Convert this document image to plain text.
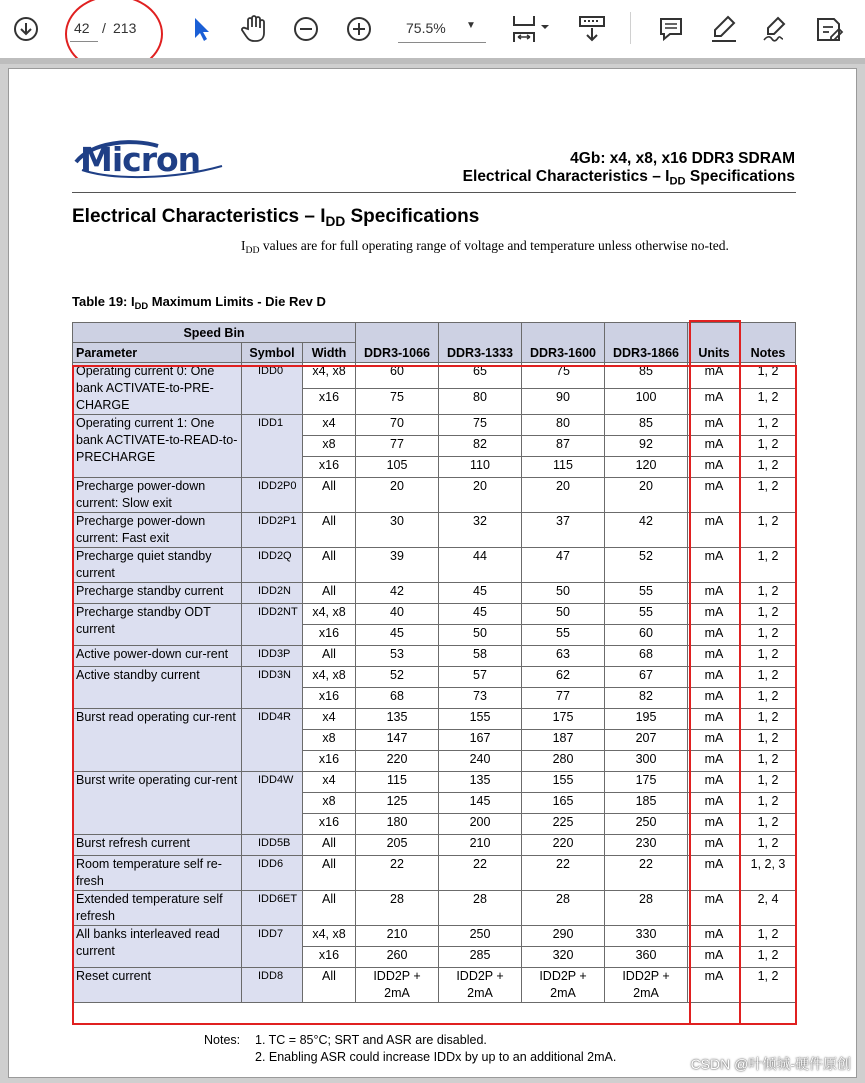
42 / 213	75.5% ▼
Micron	4Gb: x4, x8, x16 DDR3 SDRAM
Electrical Characteristics – $I_{DD}$ Specifications
Electrical Characteristics – $I_{DD}$ Specifications
$I_{DD}$ values are for full operating range of voltage and temperature unless otherwise no-ted.
Table 19: $I_{DD}$ Maximum Limits - Die Rev D
Speed Bin			DDR3-1066	DDR3-1333	DDR3-1600	DDR3-1866	Units	Notes
Parameter	Symbol	Width						
Operating current 0: One bank ACTIVATE-to-PRE-CHARGE	IDD0	x4, x8	60	65	75	85	mA	1, 2
		x16	75	80	90	100	mA	1, 2
Operating current 1: One bank ACTIVATE-to-READ-to-PRECHARGE	IDD1	x4	70	75	80	85	mA	1, 2
		x8	77	82	87	92	mA	1, 2
		x16	105	110	115	120	mA	1, 2
Precharge power-down current: Slow exit	IDD2P0	All	20	20	20	20	mA	1, 2
Precharge power-down current: Fast exit	IDD2P1	All	30	32	37	42	mA	1, 2
Precharge quiet standby current	IDD2Q	All	39	44	47	52	mA	1, 2
Precharge standby current	IDD2N	All	42	45	50	55	mA	1, 2
Precharge standby ODT current	IDD2NT	x4, x8	40	45	50	55	mA	1, 2
		x16	45	50	55	60	mA	1, 2
Active power-down cur-rent	IDD3P	All	53	58	63	68	mA	1, 2
Active standby current	IDD3N	x4, x8	52	57	62	67	mA	1, 2
		x16	68	73	77	82	mA	1, 2
Burst read operating cur-rent	IDD4R	x4	135	155	175	195	mA	1, 2
		x8	147	167	187	207	mA	1, 2
		x16	220	240	280	300	mA	1, 2
Burst write operating cur-rent	IDD4W	x4	115	135	155	175	mA	1, 2
		x8	125	145	165	185	mA	1, 2
		x16	180	200	225	250	mA	1, 2
Burst refresh current	IDD5B	All	205	210	220	230	mA	1, 2
Room temperature self re-fresh	IDD6	All	22	22	22	22	mA	1, 2, 3
Extended temperature self refresh	IDD6ET	All	28	28	28	28	mA	2, 4
All banks interleaved read current	IDD7	x4, x8	210	250	290	330	mA	1, 2
		x16	260	285	320	360	mA	1, 2
Reset current	IDD8	All	IDD2P + 2mA	IDD2P + 2mA	IDD2P + 2mA	IDD2P + 2mA	mA	1, 2
Notes: 1. TC = 85°C; SRT and ASR are disabled.
2. Enabling ASR could increase IDDx by up to an additional 2mA.	CSDN @叶倾城-硬件原创
